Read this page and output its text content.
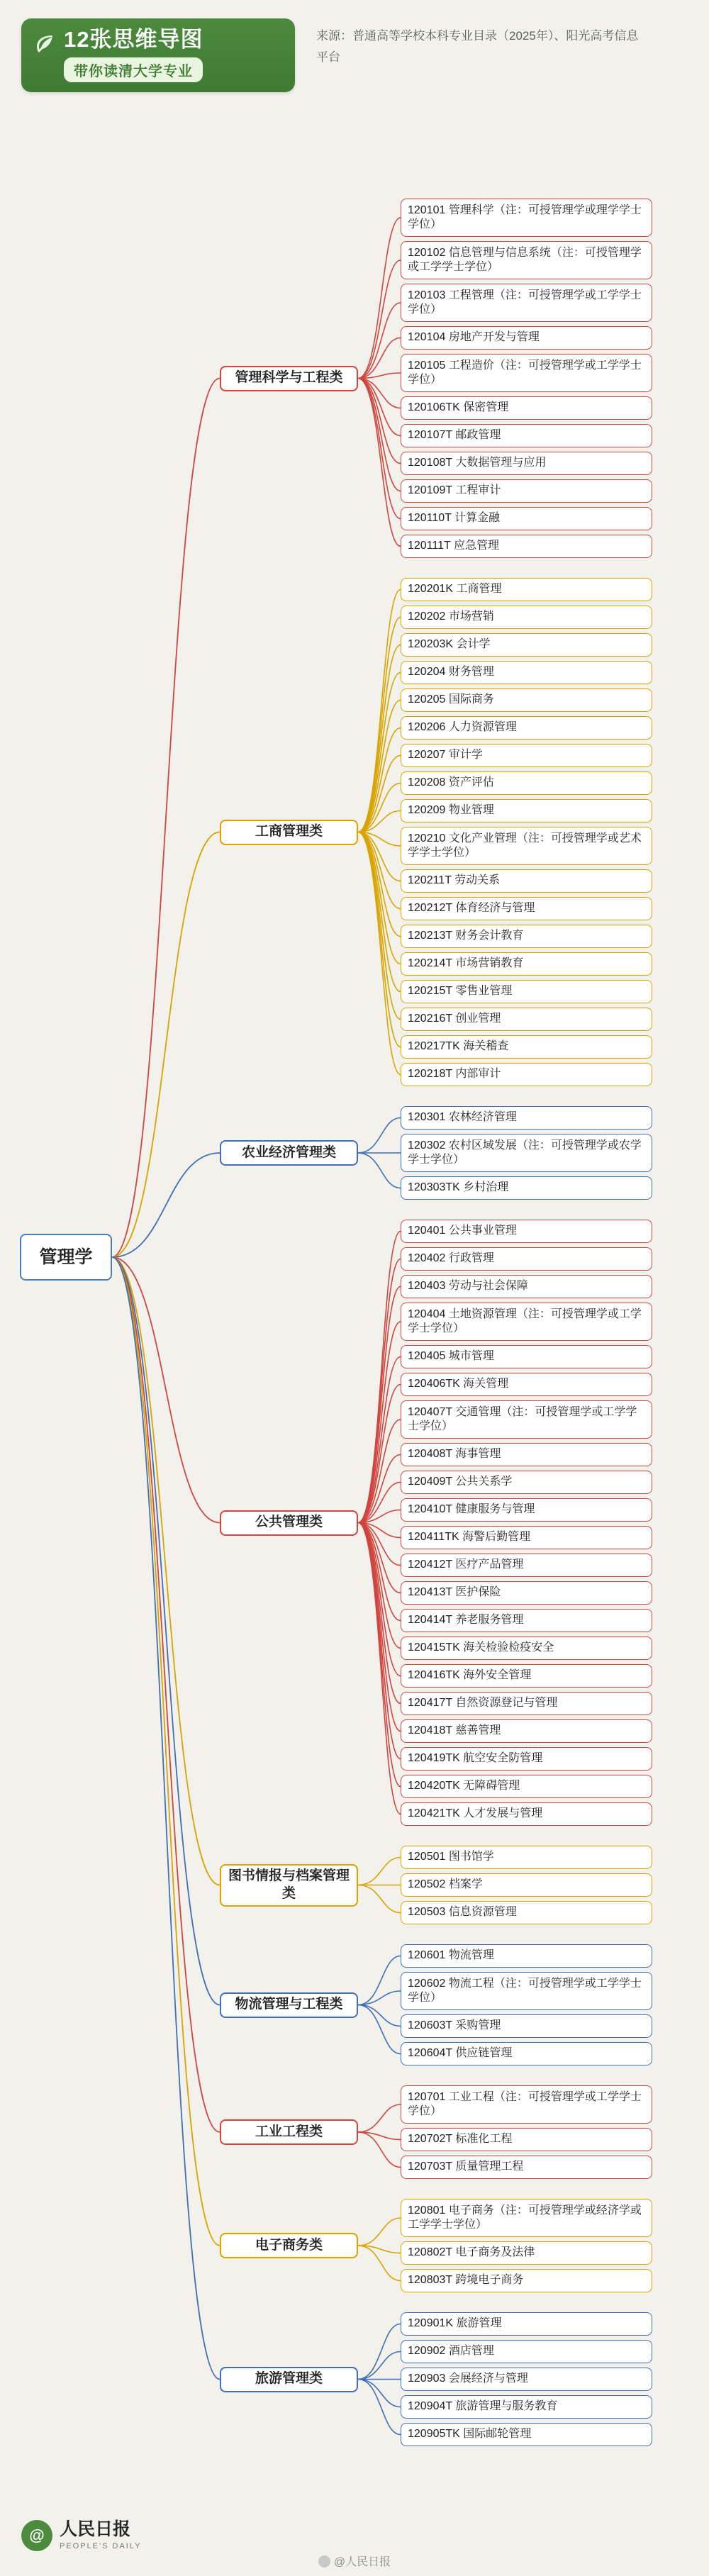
12张思维导图
带你读清大学专业
来源：普通高等学校本科专业目录（2025年）、阳光高考信息平台
管理学
120101 管理科学（注：可授管理学或理学学士学位）
120102 信息管理与信息系统（注：可授管理学或工学学士学位）
120103 工程管理（注：可授管理学或工学学士学位）
120104 房地产开发与管理
120105 工程造价（注：可授管理学或工学学士学位）
120106TK 保密管理
120107T 邮政管理
120108T 大数据管理与应用
120109T 工程审计
120110T 计算金融
120111T 应急管理
管理科学与工程类
120201K 工商管理
120202 市场营销
120203K 会计学
120204 财务管理
120205 国际商务
120206 人力资源管理
120207 审计学
120208 资产评估
120209 物业管理
120210 文化产业管理（注：可授管理学或艺术学学士学位）
120211T 劳动关系
120212T 体育经济与管理
120213T 财务会计教育
120214T 市场营销教育
120215T 零售业管理
120216T 创业管理
120217TK 海关稽查
120218T 内部审计
工商管理类
120301 农林经济管理
120302 农村区域发展（注：可授管理学或农学学士学位）
120303TK 乡村治理
农业经济管理类
120401 公共事业管理
120402 行政管理
120403 劳动与社会保障
120404 土地资源管理（注：可授管理学或工学学士学位）
120405 城市管理
120406TK 海关管理
120407T 交通管理（注：可授管理学或工学学士学位）
120408T 海事管理
120409T 公共关系学
120410T 健康服务与管理
120411TK 海警后勤管理
120412T 医疗产品管理
120413T 医护保险
120414T 养老服务管理
120415TK 海关检验检疫安全
120416TK 海外安全管理
120417T 自然资源登记与管理
120418T 慈善管理
120419TK 航空安全防管理
120420TK 无障碍管理
120421TK 人才发展与管理
公共管理类
120501 图书馆学
120502 档案学
120503 信息资源管理
图书情报与档案管理类
120601 物流管理
120602 物流工程（注：可授管理学或工学学士学位）
120603T 采购管理
120604T 供应链管理
物流管理与工程类
120701 工业工程（注：可授管理学或工学学士学位）
120702T 标准化工程
120703T 质量管理工程
工业工程类
120801 电子商务（注：可授管理学或经济学或工学学士学位）
120802T 电子商务及法律
120803T 跨境电子商务
电子商务类
120901K 旅游管理
120902 酒店管理
120903 会展经济与管理
120904T 旅游管理与服务教育
120905TK 国际邮轮管理
旅游管理类
@ 人民日报
PEOPLE'S DAILY
@人民日报
